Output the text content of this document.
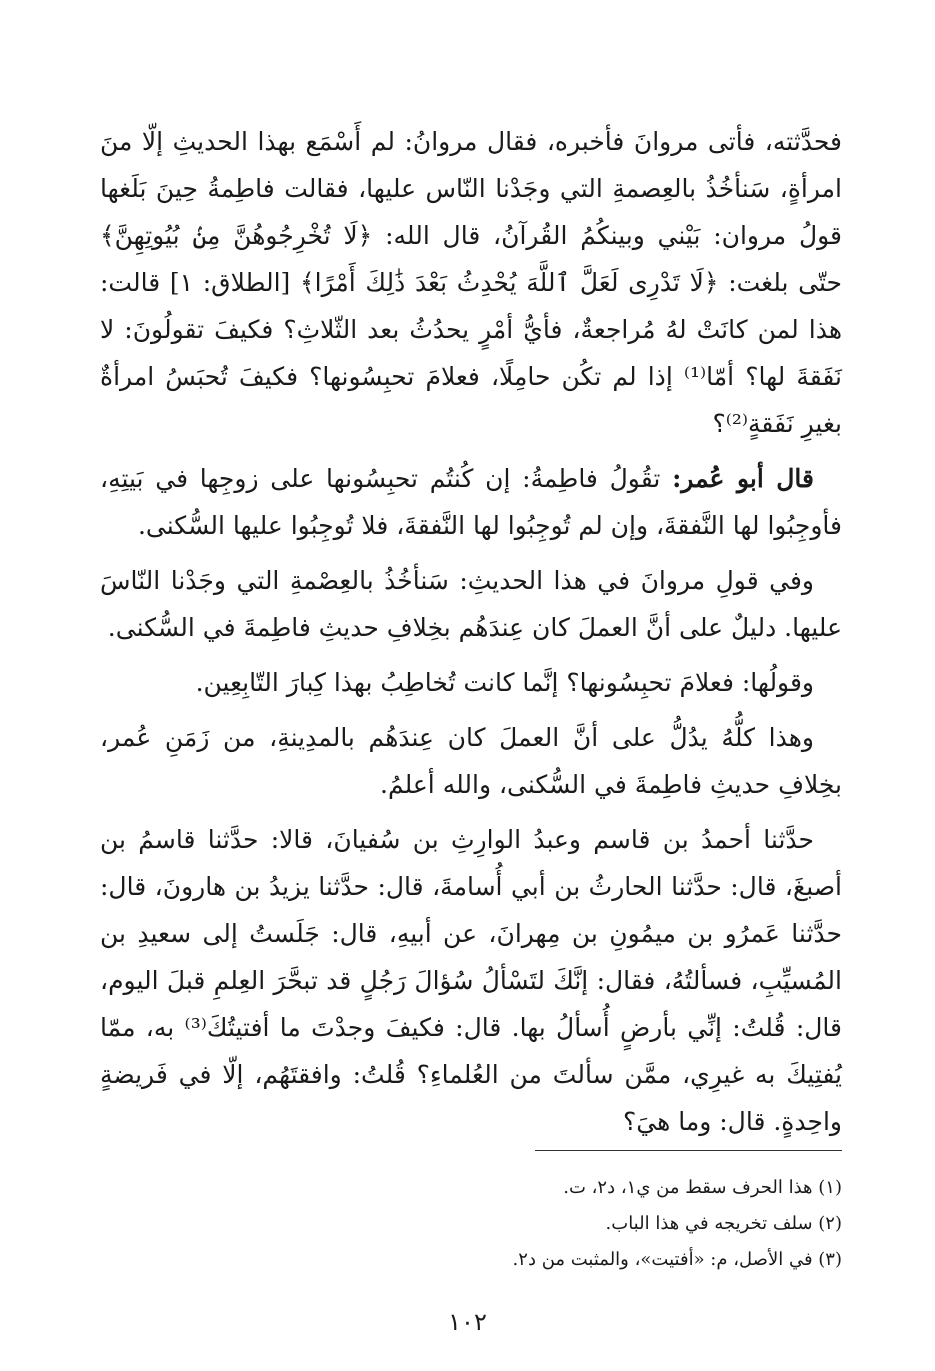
فحدَّثته، فأتى مروانَ فأخبره، فقال مروانُ: لم أَسْمَع بهذا الحديثِ إلّا منَ امرأةٍ، سَنأخُذُ بالعِصمةِ التي وجَدْنا النّاس عليها، فقالت فاطِمةُ حِينَ بَلَغها قولُ مروان: بَيْني وبينكُمُ القُرآنُ، قال الله: ﴿لَا تُخْرِجُوهُنَّ مِنۢ بُيُوتِهِنَّ﴾ حتّى بلغت: ﴿لَا تَدْرِى لَعَلَّ ٱللَّهَ يُحْدِثُ بَعْدَ ذَٰلِكَ أَمْرًا﴾ [الطلاق: ١] قالت: هذا لمن كانَتْ لهُ مُراجعةٌ، فأيُّ أمْرٍ يحدُثُ بعد الثّلاثِ؟ فكيفَ تقولُونَ: لا نَفَقةَ لها؟ أمّا⁽¹⁾ إذا لم تكُن حامِلًا، فعلامَ تحبِسُونها؟ فكيفَ تُحبَسُ امرأةٌ بغيرِ نَفَقةٍ⁽²⁾؟

قال أبو عُمر: تقُولُ فاطِمةُ: إن كُنتُم تحبِسُونها على زوجِها في بَيتِهِ، فأوجِبُوا لها النَّفقةَ، وإن لم تُوجِبُوا لها النَّفقةَ، فلا تُوجِبُوا عليها السُّكنى.

وفي قولِ مروانَ في هذا الحديثِ: سَنأخُذُ بالعِصْمةِ التي وجَدْنا النّاسَ عليها. دليلٌ على أنَّ العملَ كان عِندَهُم بخِلافِ حديثِ فاطِمةَ في السُّكنى.

وقولُها: فعلامَ تحبِسُونها؟ إنَّما كانت تُخاطِبُ بهذا كِبارَ التّابِعِين.

وهذا كلُّهُ يدُلُّ على أنَّ العملَ كان عِندَهُم بالمدِينةِ، من زَمَنِ عُمر، بخِلافِ حديثِ فاطِمةَ في السُّكنى، والله أعلمُ.

حدَّثنا أحمدُ بن قاسم وعبدُ الوارِثِ بن سُفيانَ، قالا: حدَّثنا قاسمُ بن أصبغَ، قال: حدَّثنا الحارثُ بن أبي أُسامةَ، قال: حدَّثنا يزيدُ بن هارونَ، قال: حدَّثنا عَمرُو بن ميمُونِ بن مِهرانَ، عن أبيهِ، قال: جَلَستُ إلى سعيدِ بن المُسيِّبِ، فسألتُهُ، فقال: إنَّكَ لتَسْألُ سُؤالَ رَجُلٍ قد تبحَّرَ العِلمِ قبلَ اليوم، قال: قُلتُ: إنِّي بأرضٍ أُسألُ بها. قال: فكيفَ وجدْتَ ما أفتيتُكَ⁽³⁾ به، ممّا يُفتِيكَ به غيرِي، ممَّن سألتَ من العُلماءِ؟ قُلتُ: وافقتَهُم، إلّا في فَريضةٍ واحِدةٍ. قال: وما هيَ؟

(١) هذا الحرف سقط من ي١، د٢، ت.

(٢) سلف تخريجه في هذا الباب.

(٣) في الأصل، م: «أفتيت»، والمثبت من د٢.

١٠٢
